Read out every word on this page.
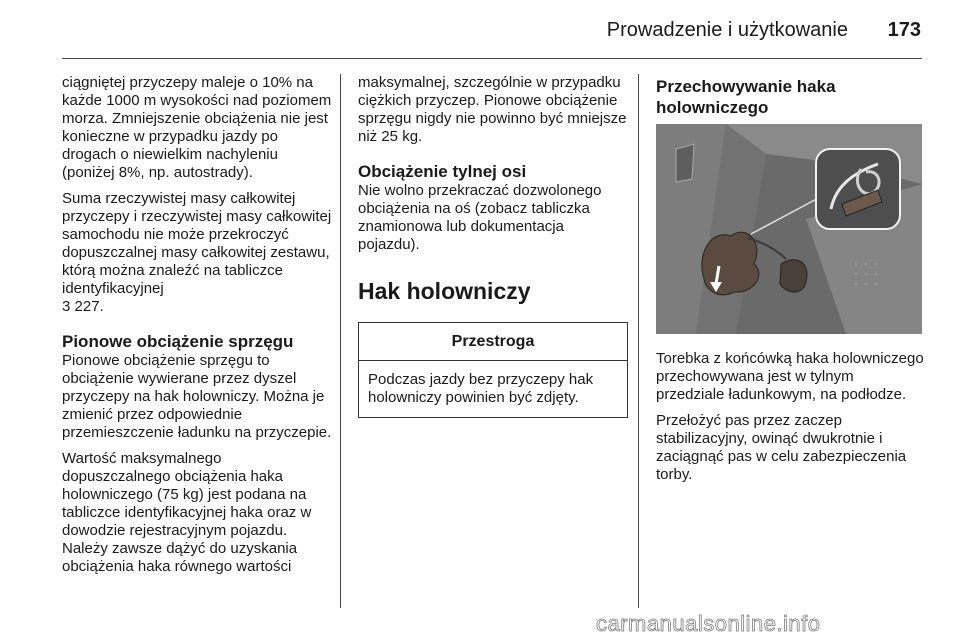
Prowadzenie i użytkowanie 173

ciągniętej przyczepy maleje o 10% na każde 1000 m wysokości nad poziomem morza. Zmniejszenie obciążenia nie jest konieczne w przypadku jazdy po drogach o niewielkim nachyleniu (poniżej 8%, np. autostrady).

Suma rzeczywistej masy całkowitej przyczepy i rzeczywistej masy całkowitej samochodu nie może przekroczyć dopuszczalnej masy całkowitej zestawu, którą można znaleźć na tabliczce identyfikacyjnej
3 227.

Pionowe obciążenie sprzęgu

Pionowe obciążenie sprzęgu to obciążenie wywierane przez dyszel przyczepy na hak holowniczy. Można je zmienić przez odpowiednie przemieszczenie ładunku na przyczepie.

Wartość maksymalnego dopuszczalnego obciążenia haka holowniczego (75 kg) jest podana na tabliczce identyfikacyjnej haka oraz w dowodzie rejestracyjnym pojazdu. Należy zawsze dążyć do uzyskania obciążenia haka równego wartości

maksymalnej, szczególnie w przypadku ciężkich przyczep. Pionowe obciążenie sprzęgu nigdy nie powinno być mniejsze niż 25 kg.

Obciążenie tylnej osi

Nie wolno przekraczać dozwolonego obciążenia na oś (zobacz tabliczka znamionowa lub dokumentacja pojazdu).

Hak holowniczy
Przestroga

Podczas jazdy bez przyczepy hak holowniczy powinien być zdjęty.

Przechowywanie haka holowniczego

Torebka z końcówką haka holowniczego przechowywana jest w tylnym przedziale ładunkowym, na podłodze.

Przełożyć pas przez zaczep stabilizacyjny, owinąć dwukrotnie i zaciągnąć pas w celu zabezpieczenia torby.

carmanualsonline.info
